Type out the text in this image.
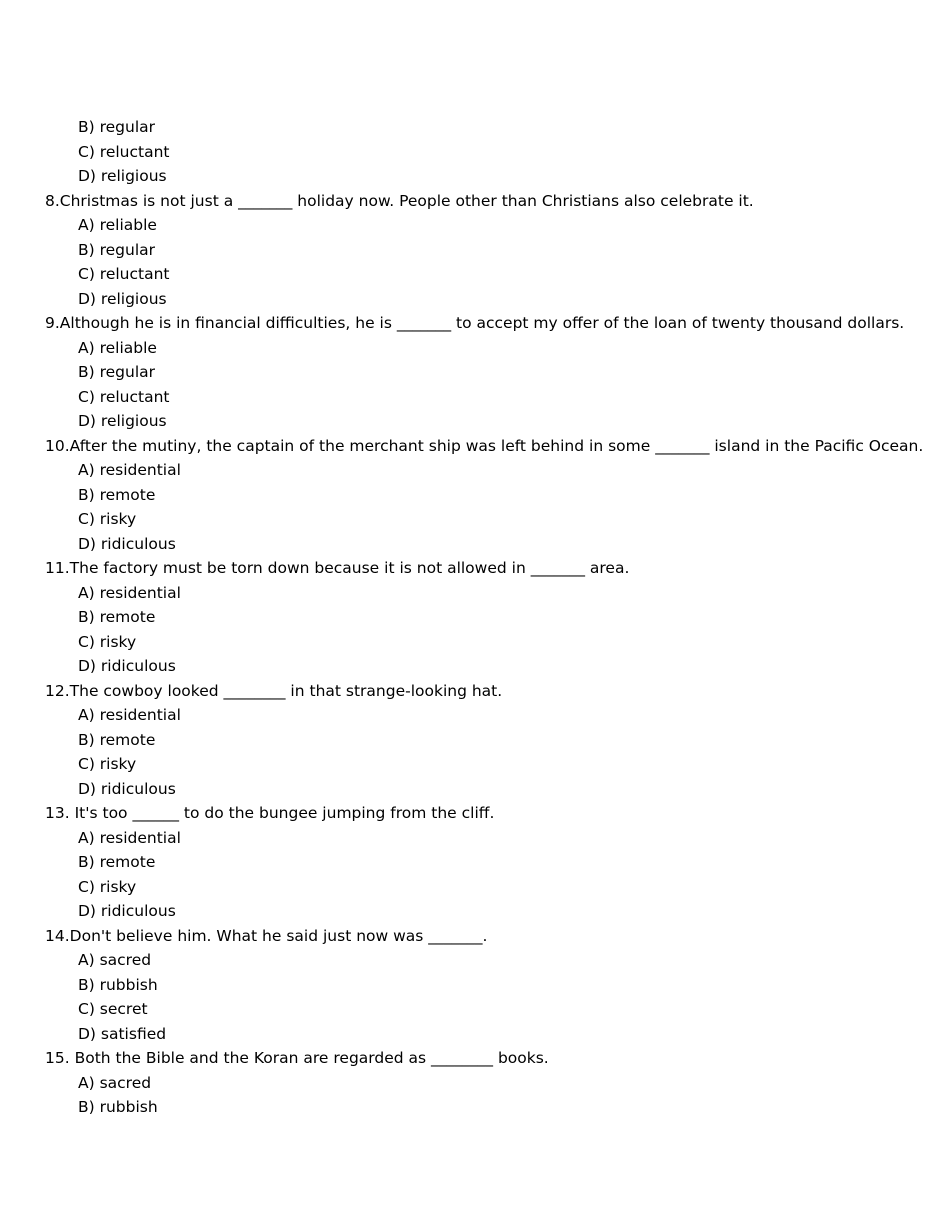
B) regular
C) reluctant
D) religious
8.Christmas is not just a _______ holiday now. People other than Christians also celebrate it.
A) reliable
B) regular
C) reluctant
D) religious
9.Although he is in financial difficulties, he is _______ to accept my offer of the loan of twenty thousand dollars.
A) reliable
B) regular
C) reluctant
D) religious
10.After the mutiny, the captain of the merchant ship was left behind in some _______ island in the Pacific Ocean.
A) residential
B) remote
C) risky
D) ridiculous
11.The factory must be torn down because it is not allowed in _______ area.
A) residential
B) remote
C) risky
D) ridiculous
12.The cowboy looked ________ in that strange-looking hat.
A) residential
B) remote
C) risky
D) ridiculous
13. It's too ______ to do the bungee jumping from the cliff.
A) residential
B) remote
C) risky
D) ridiculous
14.Don't believe him. What he said just now was _______.
A) sacred
B) rubbish
C) secret
D) satisfied
15. Both the Bible and the Koran are regarded as ________ books.
A) sacred
B) rubbish
